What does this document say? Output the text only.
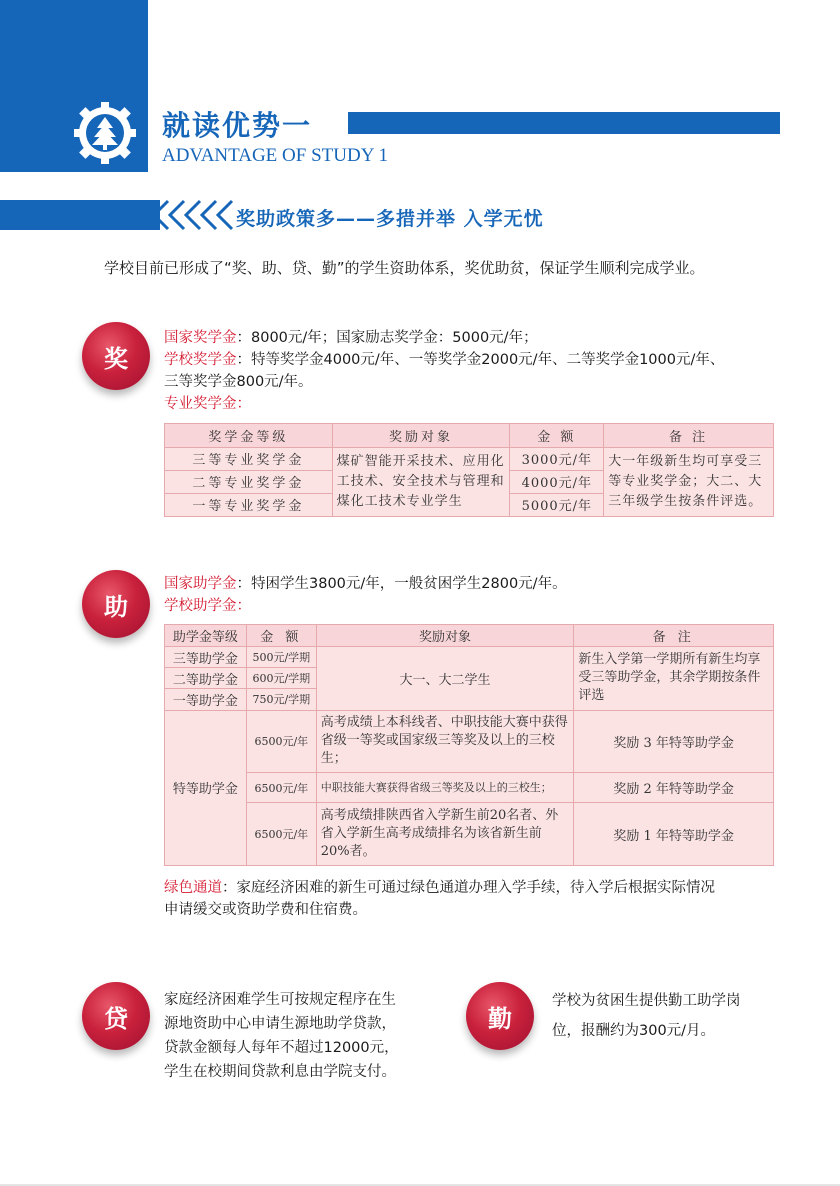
就读优势一
ADVANTAGE OF STUDY 1
奖助政策多——多措并举 入学无忧
学校目前已形成了“奖、助、贷、勤”的学生资助体系，奖优助贫，保证学生顺利完成学业。
奖
国家奖学金：8000元/年；国家励志奖学金：5000元/年；
学校奖学金：特等奖学金4000元/年、一等奖学金2000元/年、二等奖学金1000元/年、
三等奖学金800元/年。
专业奖学金：
奖学金等级	奖励对象	金 额	备 注
三等专业奖学金	煤矿智能开采技术、应用化工技术、安全技术与管理和煤化工技术专业学生	3000元/年	大一年级新生均可享受三等专业奖学金；大二、大三年级学生按条件评选。
二等专业奖学金		4000元/年	
一等专业奖学金		5000元/年	
助
国家助学金：特困学生3800元/年，一般贫困学生2800元/年。
学校助学金：
助学金等级	金 额	奖励对象	备 注
三等助学金	500元/学期	大一、大二学生	新生入学第一学期所有新生均享受三等助学金，其余学期按条件评选
二等助学金	600元/学期		
一等助学金	750元/学期		
特等助学金	6500元/年	高考成绩上本科线者、中职技能大赛中获得省级一等奖或国家级三等奖及以上的三校生；	奖励 3 年特等助学金
	6500元/年	中职技能大赛获得省级三等奖及以上的三校生；	奖励 2 年特等助学金
	6500元/年	高考成绩排陕西省入学新生前20名者、外省入学新生高考成绩排名为该省新生前20%者。	奖励 1 年特等助学金
绿色通道：家庭经济困难的新生可通过绿色通道办理入学手续，待入学后根据实际情况
申请缓交或资助学费和住宿费。
贷
家庭经济困难学生可按规定程序在生
源地资助中心申请生源地助学贷款，
贷款金额每人每年不超过12000元，
学生在校期间贷款利息由学院支付。
勤
学校为贫困生提供勤工助学岗
位，报酬约为300元/月。
